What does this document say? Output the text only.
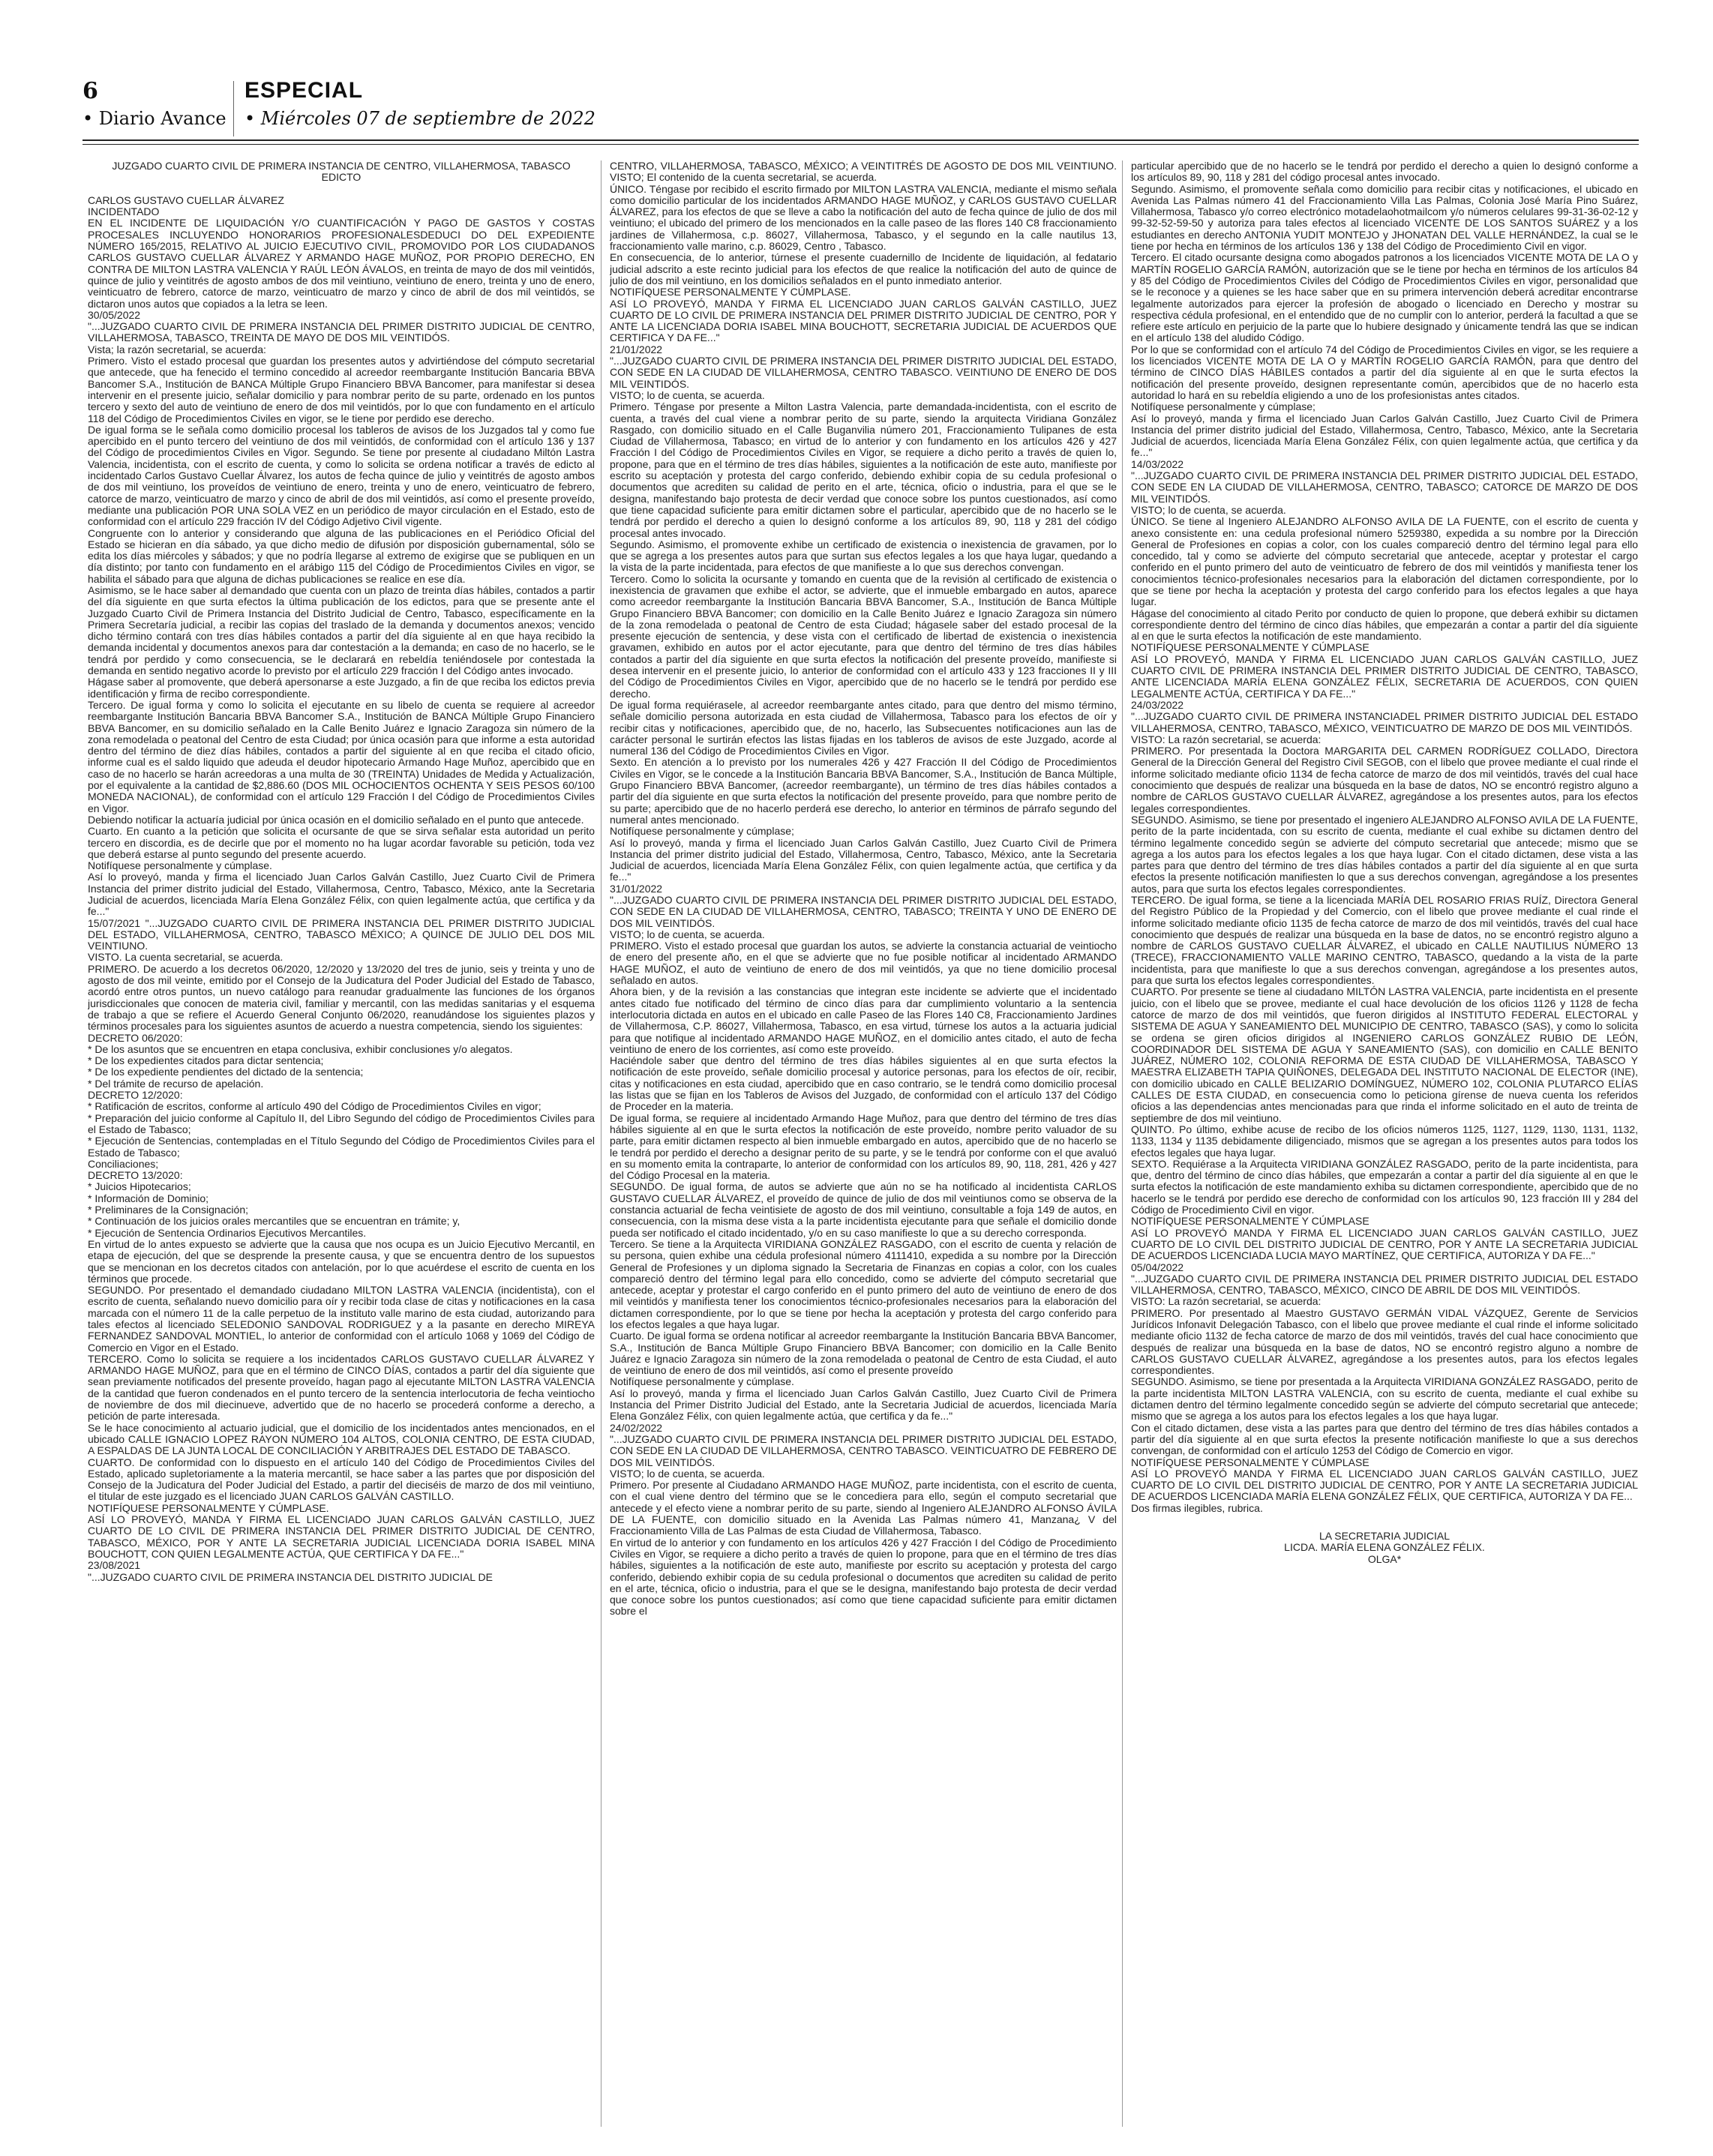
6
• Diario Avance
ESPECIAL
• Miércoles 07 de septiembre de 2022

JUZGADO CUARTO CIVIL DE PRIMERA INSTANCIA DE CENTRO, VILLAHERMOSA, TABASCO

EDICTO

CARLOS GUSTAVO CUELLAR ÁLVAREZ

INCIDENTADO

EN EL INCIDENTE DE LIQUIDACIÓN Y/O CUANTIFICACIÓN Y PAGO DE GASTOS Y COSTAS PROCESALES INCLUYENDO HONORARIOS PROFESIONALESDEDUCI DO DEL EXPEDIENTE NÚMERO 165/2015, RELATIVO AL JUICIO EJECUTIVO CIVIL, PROMOVIDO POR LOS CIUDADANOS CARLOS GUSTAVO CUELLAR ÁLVAREZ Y ARMANDO HAGE MUÑOZ, POR PROPIO DERECHO, EN CONTRA DE MILTON LASTRA VALENCIA Y RAÚL LEÓN ÁVALOS, en treinta de mayo de dos mil veintidós, quince de julio y veintitrés de agosto ambos de dos mil veintiuno, veintiuno de enero, treinta y uno de enero, veinticuatro de febrero, catorce de marzo, veinticuatro de marzo y cinco de abril de dos mil veintidós, se dictaron unos autos que copiados a la letra se leen.

30/05/2022

"...JUZGADO CUARTO CIVIL DE PRIMERA INSTANCIA DEL PRIMER DISTRITO JUDICIAL DE CENTRO, VILLAHERMOSA, TABASCO, TREINTA DE MAYO DE DOS MIL VEINTIDÓS.

Vista; la razón secretarial, se acuerda:

Primero. Visto el estado procesal que guardan los presentes autos y advirtiéndose del cómputo secretarial que antecede, que ha fenecido el termino concedido al acreedor reembargante Institución Bancaria BBVA Bancomer S.A., Institución de BANCA Múltiple Grupo Financiero BBVA Bancomer, para manifestar si desea intervenir en el presente juicio, señalar domicilio y para nombrar perito de su parte, ordenado en los puntos tercero y sexto del auto de veintiuno de enero de dos mil veintidós, por lo que con fundamento en el artículo 118 del Código de Procedimientos Civiles en vigor, se le tiene por perdido ese derecho.

De igual forma se le señala como domicilio procesal los tableros de avisos de los Juzgados tal y como fue apercibido en el punto tercero del veintiuno de dos mil veintidós, de conformidad con el artículo 136 y 137 del Código de procedimientos Civiles en Vigor. Segundo. Se tiene por presente al ciudadano Miltón Lastra Valencia, incidentista, con el escrito de cuenta, y como lo solicita se ordena notificar a través de edicto al incidentado Carlos Gustavo Cuellar Álvarez, los autos de fecha quince de julio y veintitrés de agosto ambos de dos mil veintiuno, los proveídos de veintiuno de enero, treinta y uno de enero, veinticuatro de febrero, catorce de marzo, veinticuatro de marzo y cinco de abril de dos mil veintidós, así como el presente proveído, mediante una publicación POR UNA SOLA VEZ en un periódico de mayor circulación en el Estado, esto de conformidad con el artículo 229 fracción IV del Código Adjetivo Civil vigente.

Congruente con lo anterior y considerando que alguna de las publicaciones en el Periódico Oficial del Estado se hicieran en día sábado, ya que dicho medio de difusión por disposición gubernamental, sólo se edita los días miércoles y sábados; y que no podría llegarse al extremo de exigirse que se publiquen en un día distinto; por tanto con fundamento en el arábigo 115 del Código de Procedimientos Civiles en vigor, se habilita el sábado para que alguna de dichas publicaciones se realice en ese día.

Asimismo, se le hace saber al demandado que cuenta con un plazo de treinta días hábiles, contados a partir del día siguiente en que surta efectos la última publicación de los edictos, para que se presente ante el Juzgado Cuarto Civil de Primera Instancia del Distrito Judicial de Centro, Tabasco, específicamente en la Primera Secretaría judicial, a recibir las copias del traslado de la demanda y documentos anexos; vencido dicho término contará con tres días hábiles contados a partir del día siguiente al en que haya recibido la demanda incidental y documentos anexos para dar contestación a la demanda; en caso de no hacerlo, se le tendrá por perdido y como consecuencia, se le declarará en rebeldía teniéndosele por contestada la demanda en sentido negativo acorde lo previsto por el artículo 229 fracción I del Código antes invocado.

Hágase saber al promovente, que deberá apersonarse a este Juzgado, a fin de que reciba los edictos previa identificación y firma de recibo correspondiente.

Tercero. De igual forma y como lo solicita el ejecutante en su libelo de cuenta se requiere al acreedor reembargante Institución Bancaria BBVA Bancomer S.A., Institución de BANCA Múltiple Grupo Financiero BBVA Bancomer, en su domicilio señalado en la Calle Benito Juárez e Ignacio Zaragoza sin número de la zona remodelada o peatonal del Centro de esta Ciudad; por única ocasión para que informe a esta autoridad dentro del término de diez días hábiles, contados a partir del siguiente al en que reciba el citado oficio, informe cual es el saldo liquido que adeuda el deudor hipotecario Armando Hage Muñoz, apercibido que en caso de no hacerlo se harán acreedoras a una multa de 30 (TREINTA) Unidades de Medida y Actualización, por el equivalente a la cantidad de $2,886.60 (DOS MIL OCHOCIENTOS OCHENTA Y SEIS PESOS 60/100 MONEDA NACIONAL), de conformidad con el artículo 129 Fracción I del Código de Procedimientos Civiles en Vigor.

Debiendo notificar la actuaría judicial por única ocasión en el domicilio señalado en el punto que antecede.

Cuarto. En cuanto a la petición que solicita el ocursante de que se sirva señalar esta autoridad un perito tercero en discordia, es de decirle que por el momento no ha lugar acordar favorable su petición, toda vez que deberá estarse al punto segundo del presente acuerdo.

Notifíquese personalmente y cúmplase.

Así lo proveyó, manda y firma el licenciado Juan Carlos Galván Castillo, Juez Cuarto Civil de Primera Instancia del primer distrito judicial del Estado, Villahermosa, Centro, Tabasco, México, ante la Secretaria Judicial de acuerdos, licenciada María Elena González Félix, con quien legalmente actúa, que certifica y da fe..."

15/07/2021 "...JUZGADO CUARTO CIVIL DE PRIMERA INSTANCIA DEL PRIMER DISTRITO JUDICIAL DEL ESTADO, VILLAHERMOSA, CENTRO, TABASCO MÉXICO; A QUINCE DE JULIO DEL DOS MIL VEINTIUNO.

VISTO. La cuenta secretarial, se acuerda.

PRIMERO. De acuerdo a los decretos 06/2020, 12/2020 y 13/2020 del tres de junio, seis y treinta y uno de agosto de dos mil veinte, emitido por el Consejo de la Judicatura del Poder Judicial del Estado de Tabasco, acordó entre otros puntos, un nuevo catálogo para reanudar gradualmente las funciones de los órganos jurisdiccionales que conocen de materia civil, familiar y mercantil, con las medidas sanitarias y el esquema de trabajo a que se refiere el Acuerdo General Conjunto 06/2020, reanudándose los siguientes plazos y términos procesales para los siguientes asuntos de acuerdo a nuestra competencia, siendo los siguientes:

DECRETO 06/2020:

* De los asuntos que se encuentren en etapa conclusiva, exhibir conclusiones y/o alegatos.

* De los expedientes citados para dictar sentencia;

* De los expediente pendientes del dictado de la sentencia;

* Del trámite de recurso de apelación.

DECRETO 12/2020:

* Ratificación de escritos, conforme al artículo 490 del Código de Procedimientos Civiles en vigor;

* Preparación del juicio conforme al Capítulo II, del Libro Segundo del código de Procedimientos Civiles para el Estado de Tabasco;

* Ejecución de Sentencias, contempladas en el Título Segundo del Código de Procedimientos Civiles para el Estado de Tabasco;

Conciliaciones;

DECRETO 13/2020:

* Juicios Hipotecarios;

* Información de Dominio;

* Preliminares de la Consignación;

* Continuación de los juicios orales mercantiles que se encuentran en trámite; y,

* Ejecución de Sentencia Ordinarios Ejecutivos Mercantiles.

En virtud de lo antes expuesto se advierte que la causa que nos ocupa es un Juicio Ejecutivo Mercantil, en etapa de ejecución, del que se desprende la presente causa, y que se encuentra dentro de los supuestos que se mencionan en los decretos citados con antelación, por lo que acuérdese el escrito de cuenta en los términos que procede.

SEGUNDO. Por presentado el demandado ciudadano MILTON LASTRA VALENCIA (incidentista), con el escrito de cuenta, señalando nuevo domicilio para oír y recibir toda clase de citas y notificaciones en la casa marcada con el número 11 de la calle perpetuo de la instituto valle marino de esta ciudad, autorizando para tales efectos al licenciado SELEDONIO SANDOVAL RODRIGUEZ y a la pasante en derecho MIREYA FERNANDEZ SANDOVAL MONTIEL, lo anterior de conformidad con el artículo 1068 y 1069 del Código de Comercio en Vigor en el Estado.

TERCERO. Como lo solicita se requiere a los incidentados CARLOS GUSTAVO CUELLAR ÁLVAREZ Y ARMANDO HAGE MUÑOZ, para que en el término de CINCO DÍAS, contados a partir del día siguiente que sean previamente notificados del presente proveído, hagan pago al ejecutante MILTON LASTRA VALENCIA de la cantidad que fueron condenados en el punto tercero de la sentencia interlocutoria de fecha veintiocho de noviembre de dos mil diecinueve, advertido que de no hacerlo se procederá conforme a derecho, a petición de parte interesada.

Se le hace conocimiento al actuario judicial, que el domicilio de los incidentados antes mencionados, en el ubicado CALLE IGNACIO LOPEZ RAYON NÚMERO 104 ALTOS, COLONIA CENTRO, DE ESTA CIUDAD, A ESPALDAS DE LA JUNTA LOCAL DE CONCILIACIÓN Y ARBITRAJES DEL ESTADO DE TABASCO.

CUARTO. De conformidad con lo dispuesto en el artículo 140 del Código de Procedimientos Civiles del Estado, aplicado supletoriamente a la materia mercantil, se hace saber a las partes que por disposición del Consejo de la Judicatura del Poder Judicial del Estado, a partir del dieciséis de marzo de dos mil veintiuno, el titular de este juzgado es el licenciado JUAN CARLOS GALVÁN CASTILLO.

NOTIFÍQUESE PERSONALMENTE Y CÚMPLASE.

ASÍ LO PROVEYÓ, MANDA Y FIRMA EL LICENCIADO JUAN CARLOS GALVÁN CASTILLO, JUEZ CUARTO DE LO CIVIL DE PRIMERA INSTANCIA DEL PRIMER DISTRITO JUDICIAL DE CENTRO, TABASCO, MÉXICO, POR Y ANTE LA SECRETARIA JUDICIAL LICENCIADA DORIA ISABEL MINA BOUCHOTT, CON QUIEN LEGALMENTE ACTÚA, QUE CERTIFICA Y DA FE..."

23/08/2021

"...JUZGADO CUARTO CIVIL DE PRIMERA INSTANCIA DEL DISTRITO JUDICIAL DE

CENTRO, VILLAHERMOSA, TABASCO, MÉXICO; A VEINTITRÉS DE AGOSTO DE DOS MIL VEINTIUNO. VISTO; El contenido de la cuenta secretarial, se acuerda.

ÚNICO. Téngase por recibido el escrito firmado por MILTON LASTRA VALENCIA, mediante el mismo señala como domicilio particular de los incidentados ARMANDO HAGE MUÑOZ, y CARLOS GUSTAVO CUELLAR ÁLVAREZ, para los efectos de que se lleve a cabo la notificación del auto de fecha quince de julio de dos mil veintiuno; el ubicado del primero de los mencionados en la calle paseo de las flores 140 C8 fraccionamiento jardines de Villahermosa, c.p. 86027, Villahermosa, Tabasco, y el segundo en la calle nautilus 13, fraccionamiento valle marino, c.p. 86029, Centro , Tabasco.

En consecuencia, de lo anterior, túrnese el presente cuadernillo de Incidente de liquidación, al fedatario judicial adscrito a este recinto judicial para los efectos de que realice la notificación del auto de quince de julio de dos mil veintiuno, en los domicilios señalados en el punto inmediato anterior.

NOTIFÍQUESE PERSONALMENTE Y CÚMPLASE.

ASÍ LO PROVEYÓ, MANDA Y FIRMA EL LICENCIADO JUAN CARLOS GALVÁN CASTILLO, JUEZ CUARTO DE LO CIVIL DE PRIMERA INSTANCIA DEL PRIMER DISTRITO JUDICIAL DE CENTRO, POR Y ANTE LA LICENCIADA DORIA ISABEL MINA BOUCHOTT, SECRETARIA JUDICIAL DE ACUERDOS QUE CERTIFICA Y DA FE..."

21/01/2022

"...JUZGADO CUARTO CIVIL DE PRIMERA INSTANCIA DEL PRIMER DISTRITO JUDICIAL DEL ESTADO, CON SEDE EN LA CIUDAD DE VILLAHERMOSA, CENTRO TABASCO. VEINTIUNO DE ENERO DE DOS MIL VEINTIDÓS.

VISTO; lo de cuenta, se acuerda.

Primero. Téngase por presente a Milton Lastra Valencia, parte demandada-incidentista, con el escrito de cuenta, a través del cual viene a nombrar perito de su parte, siendo la arquitecta Viridiana González Rasgado, con domicilio situado en el Calle Buganvilia número 201, Fraccionamiento Tulipanes de esta Ciudad de Villahermosa, Tabasco; en virtud de lo anterior y con fundamento en los artículos 426 y 427 Fracción I del Código de Procedimientos Civiles en Vigor, se requiere a dicho perito a través de quien lo, propone, para que en el término de tres días hábiles, siguientes a la notificación de este auto, manifieste por escrito su aceptación y protesta del cargo conferido, debiendo exhibir copia de su cedula profesional o documentos que acrediten su calidad de perito en el arte, técnica, oficio o industria, para el que se le designa, manifestando bajo protesta de decir verdad que conoce sobre los puntos cuestionados, así como que tiene capacidad suficiente para emitir dictamen sobre el particular, apercibido que de no hacerlo se le tendrá por perdido el derecho a quien lo designó conforme a los artículos 89, 90, 118 y 281 del código procesal antes invocado.

Segundo. Asimismo, el promovente exhibe un certificado de existencia o inexistencia de gravamen, por lo que se agrega a los presentes autos para que surtan sus efectos legales a los que haya lugar, quedando a la vista de la parte incidentada, para efectos de que manifieste a lo que sus derechos convengan.

Tercero. Como lo solicita la ocursante y tomando en cuenta que de la revisión al certificado de existencia o inexistencia de gravamen que exhibe el actor, se advierte, que el inmueble embargado en autos, aparece como acreedor reembargante la Institución Bancaria BBVA Bancomer, S.A., Institución de Banca Múltiple Grupo Financiero BBVA Bancomer; con domicilio en la Calle Benito Juárez e Ignacio Zaragoza sin número de la zona remodelada o peatonal de Centro de esta Ciudad; hágasele saber del estado procesal de la presente ejecución de sentencia, y dese vista con el certificado de libertad de existencia o inexistencia gravamen, exhibido en autos por el actor ejecutante, para que dentro del término de tres días hábiles contados a partir del día siguiente en que surta efectos la notificación del presente proveído, manifieste si desea intervenir en el presente juicio, lo anterior de conformidad con el artículo 433 y 123 fracciones II y III del Código de Procedimientos Civiles en Vigor, apercibido que de no hacerlo se le tendrá por perdido ese derecho.

De igual forma requiérasele, al acreedor reembargante antes citado, para que dentro del mismo término, señale domicilio persona autorizada en esta ciudad de Villahermosa, Tabasco para los efectos de oír y recibir citas y notificaciones, apercibido que, de no, hacerlo, las Subsecuentes notificaciones aun las de carácter personal le surtirán efectos las listas fijadas en los tableros de avisos de este Juzgado, acorde al numeral 136 del Código de Procedimientos Civiles en Vigor.

Sexto. En atención a lo previsto por los numerales 426 y 427 Fracción II del Código de Procedimientos Civiles en Vigor, se le concede a la Institución Bancaria BBVA Bancomer, S.A., Institución de Banca Múltiple, Grupo Financiero BBVA Bancomer, (acreedor reembargante), un término de tres días hábiles contados a partir del día siguiente en que surta efectos la notificación del presente proveído, para que nombre perito de su parte; apercibido que de no hacerlo perderá ese derecho, lo anterior en términos de párrafo segundo del numeral antes mencionado.

Notifíquese personalmente y cúmplase;

Así lo proveyó, manda y firma el licenciado Juan Carlos Galván Castillo, Juez Cuarto Civil de Primera Instancia del primer distrito judicial del Estado, Villahermosa, Centro, Tabasco, México, ante la Secretaria Judicial de acuerdos, licenciada María Elena González Félix, con quien legalmente actúa, que certifica y da fe..."

31/01/2022

"...JUZGADO CUARTO CIVIL DE PRIMERA INSTANCIA DEL PRIMER DISTRITO JUDICIAL DEL ESTADO, CON SEDE EN LA CIUDAD DE VILLAHERMOSA, CENTRO, TABASCO; TREINTA Y UNO DE ENERO DE DOS MIL VEINTIDÓS.

VISTO; lo de cuenta, se acuerda.

PRIMERO. Visto el estado procesal que guardan los autos, se advierte la constancia actuarial de veintiocho de enero del presente año, en el que se advierte que no fue posible notificar al incidentado ARMANDO HAGE MUÑOZ, el auto de veintiuno de enero de dos mil veintidós, ya que no tiene domicilio procesal señalado en autos.

Ahora bien, y de la revisión a las constancias que integran este incidente se advierte que el incidentado antes citado fue notificado del término de cinco días para dar cumplimiento voluntario a la sentencia interlocutoria dictada en autos en el ubicado en calle Paseo de las Flores 140 C8, Fraccionamiento Jardines de Villahermosa, C.P. 86027, Villahermosa, Tabasco, en esa virtud, túrnese los autos a la actuaria judicial para que notifique al incidentado ARMANDO HAGE MUÑOZ, en el domicilio antes citado, el auto de fecha veintiuno de enero de los corrientes, así como este proveído.

Haciéndole saber que dentro del término de tres días hábiles siguientes al en que surta efectos la notificación de este proveído, señale domicilio procesal y autorice personas, para los efectos de oír, recibir, citas y notificaciones en esta ciudad, apercibido que en caso contrario, se le tendrá como domicilio procesal las listas que se fijan en los Tableros de Avisos del Juzgado, de conformidad con el artículo 137 del Código de Proceder en la materia.

De igual forma, se requiere al incidentado Armando Hage Muñoz, para que dentro del término de tres días hábiles siguiente al en que le surta efectos la notificación de este proveído, nombre perito valuador de su parte, para emitir dictamen respecto al bien inmueble embargado en autos, apercibido que de no hacerlo se le tendrá por perdido el derecho a designar perito de su parte, y se le tendrá por conforme con el que avaluó en su momento emita la contraparte, lo anterior de conformidad con los artículos 89, 90, 118, 281, 426 y 427 del Código Procesal en la materia.

SEGUNDO. De igual forma, de autos se advierte que aún no se ha notificado al incidentista CARLOS GUSTAVO CUELLAR ÁLVAREZ, el proveído de quince de julio de dos mil veintiunos como se observa de la constancia actuarial de fecha veintisiete de agosto de dos mil veintiuno, consultable a foja 149 de autos, en consecuencia, con la misma dese vista a la parte incidentista ejecutante para que señale el domicilio donde pueda ser notificado el citado incidentado, y/o en su caso manifieste lo que a su derecho corresponda.

Tercero. Se tiene a la Arquitecta VIRIDIANA GONZÁLEZ RASGADO, con el escrito de cuenta y relación de su persona, quien exhibe una cédula profesional número 4111410, expedida a su nombre por la Dirección General de Profesiones y un diploma signado la Secretaria de Finanzas en copias a color, con los cuales compareció dentro del término legal para ello concedido, como se advierte del cómputo secretarial que antecede, aceptar y protestar el cargo conferido en el punto primero del auto de veintiuno de enero de dos mil veintidós y manifiesta tener los conocimientos técnico-profesionales necesarios para la elaboración del dictamen correspondiente, por lo que se tiene por hecha la aceptación y protesta del cargo conferido para los efectos legales a que haya lugar.

Cuarto. De igual forma se ordena notificar al acreedor reembargante la Institución Bancaria BBVA Bancomer, S.A., Institución de Banca Múltiple Grupo Financiero BBVA Bancomer; con domicilio en la Calle Benito Juárez e Ignacio Zaragoza sin número de la zona remodelada o peatonal de Centro de esta Ciudad, el auto de veintiuno de enero de dos mil veintidós, así como el presente proveído

Notifíquese personalmente y cúmplase.

Así lo proveyó, manda y firma el licenciado Juan Carlos Galván Castillo, Juez Cuarto Civil de Primera Instancia del Primer Distrito Judicial del Estado, ante la Secretaria Judicial de acuerdos, licenciada María Elena González Félix, con quien legalmente actúa, que certifica y da fe..."

24/02/2022

"...JUZGADO CUARTO CIVIL DE PRIMERA INSTANCIA DEL PRIMER DISTRITO JUDICIAL DEL ESTADO, CON SEDE EN LA CIUDAD DE VILLAHERMOSA, CENTRO TABASCO. VEINTICUATRO DE FEBRERO DE DOS MIL VEINTIDÓS.

VISTO; lo de cuenta, se acuerda.

Primero. Por presente al Ciudadano ARMANDO HAGE MUÑOZ, parte incidentista, con el escrito de cuenta, con el cual viene dentro del término que se le concediera para ello, según el computo secretarial que antecede y el efecto viene a nombrar perito de su parte, siendo al Ingeniero ALEJANDRO ALFONSO ÁVILA DE LA FUENTE, con domicilio situado en la Avenida Las Palmas número 41, Manzana¿ V del Fraccionamiento Villa de Las Palmas de esta Ciudad de Villahermosa, Tabasco.

En virtud de lo anterior y con fundamento en los artículos 426 y 427 Fracción I del Código de Procedimiento Civiles en Vigor, se requiere a dicho perito a través de quien lo propone, para que en el término de tres días hábiles, siguientes a la notificación de este auto, manifieste por escrito su aceptación y protesta del cargo conferido, debiendo exhibir copia de su cedula profesional o documentos que acrediten su calidad de perito en el arte, técnica, oficio o industria, para el que se le designa, manifestando bajo protesta de decir verdad que conoce sobre los puntos cuestionados; así como que tiene capacidad suficiente para emitir dictamen sobre el

particular apercibido que de no hacerlo se le tendrá por perdido el derecho a quien lo designó conforme a los artículos 89, 90, 118 y 281 del código procesal antes invocado.

Segundo. Asimismo, el promovente señala como domicilio para recibir citas y notificaciones, el ubicado en Avenida Las Palmas número 41 del Fraccionamiento Villa Las Palmas, Colonia José María Pino Suárez, Villahermosa, Tabasco y/o correo electrónico motadelaohotmailcom y/o números celulares 99-31-36-02-12 y 99-32-52-59-50 y autoriza para tales efectos al licenciado VICENTE DE LOS SANTOS SUÁREZ y a los estudiantes en derecho ANTONIA YUDIT MONTEJO y JHONATAN DEL VALLE HERNÁNDEZ, la cual se le tiene por hecha en términos de los artículos 136 y 138 del Código de Procedimiento Civil en vigor.

Tercero. El citado ocursante designa como abogados patronos a los licenciados VICENTE MOTA DE LA O y MARTÍN ROGELIO GARCÍA RAMÓN, autorización que se le tiene por hecha en términos de los artículos 84 y 85 del Código de Procedimientos Civiles del Código de Procedimientos Civiles en vigor, personalidad que se le reconoce y a quienes se les hace saber que en su primera intervención deberá acreditar encontrarse legalmente autorizados para ejercer la profesión de abogado o licenciado en Derecho y mostrar su respectiva cédula profesional, en el entendido que de no cumplir con lo anterior, perderá la facultad a que se refiere este artículo en perjuicio de la parte que lo hubiere designado y únicamente tendrá las que se indican en el artículo 138 del aludido Código.

Por lo que se conformidad con el artículo 74 del Código de Procedimientos Civiles en vigor, se les requiere a los licenciados VICENTE MOTA DE LA O y MARTÍN ROGELIO GARCÍA RAMÓN, para que dentro del término de CINCO DÍAS HÁBILES contados a partir del día siguiente al en que le surta efectos la notificación del presente proveído, designen representante común, apercibidos que de no hacerlo esta autoridad lo hará en su rebeldía eligiendo a uno de los profesionistas antes citados.

Notifíquese personalmente y cúmplase;

Así lo proveyó, manda y firma el licenciado Juan Carlos Galván Castillo, Juez Cuarto Civil de Primera Instancia del primer distrito judicial del Estado, Villahermosa, Centro, Tabasco, México, ante la Secretaria Judicial de acuerdos, licenciada María Elena González Félix, con quien legalmente actúa, que certifica y da fe..."

14/03/2022

"...JUZGADO CUARTO CIVIL DE PRIMERA INSTANCIA DEL PRIMER DISTRITO JUDICIAL DEL ESTADO, CON SEDE EN LA CIUDAD DE VILLAHERMOSA, CENTRO, TABASCO; CATORCE DE MARZO DE DOS MIL VEINTIDÓS.

VISTO; lo de cuenta, se acuerda.

ÚNICO. Se tiene al Ingeniero ALEJANDRO ALFONSO AVILA DE LA FUENTE, con el escrito de cuenta y anexo consistente en: una cedula profesional número 5259380, expedida a su nombre por la Dirección General de Profesiones en copias a color, con los cuales compareció dentro del término legal para ello concedido, tal y como se advierte del cómputo secretarial que antecede, aceptar y protestar el cargo conferido en el punto primero del auto de veinticuatro de febrero de dos mil veintidós y manifiesta tener los conocimientos técnico-profesionales necesarios para la elaboración del dictamen correspondiente, por lo que se tiene por hecha la aceptación y protesta del cargo conferido para los efectos legales a que haya lugar.

Hágase del conocimiento al citado Perito por conducto de quien lo propone, que deberá exhibir su dictamen correspondiente dentro del término de cinco días hábiles, que empezarán a contar a partir del día siguiente al en que le surta efectos la notificación de este mandamiento.

NOTIFÍQUESE PERSONALMENTE Y CÚMPLASE

ASÍ LO PROVEYÓ, MANDA Y FIRMA EL LICENCIADO JUAN CARLOS GALVÁN CASTILLO, JUEZ CUARTO CIVIL DE PRIMERA INSTANCIA DEL PRIMER DISTRITO JUDICIAL DE CENTRO, TABASCO, ANTE LICENCIADA MARÍA ELENA GONZÁLEZ FÉLIX, SECRETARIA DE ACUERDOS, CON QUIEN LEGALMENTE ACTÚA, CERTIFICA Y DA FE..."

24/03/2022

"...JUZGADO CUARTO CIVIL DE PRIMERA INSTANCIADEL PRIMER DISTRITO JUDICIAL DEL ESTADO VILLAHERMOSA, CENTRO, TABASCO, MÉXICO, VEINTICUATRO DE MARZO DE DOS MIL VEINTIDÓS.

VISTO: La razón secretarial, se acuerda:

PRIMERO. Por presentada la Doctora MARGARITA DEL CARMEN RODRÍGUEZ COLLADO, Directora General de la Dirección General del Registro Civil SEGOB, con el libelo que provee mediante el cual rinde el informe solicitado mediante oficio 1134 de fecha catorce de marzo de dos mil veintidós, través del cual hace conocimiento que después de realizar una búsqueda en la base de datos, NO se encontró registro alguno a nombre de CARLOS GUSTAVO CUELLAR ÁLVAREZ, agregándose a los presentes autos, para los efectos legales correspondientes.

SEGUNDO. Asimismo, se tiene por presentado el ingeniero ALEJANDRO ALFONSO AVILA DE LA FUENTE, perito de la parte incidentada, con su escrito de cuenta, mediante el cual exhibe su dictamen dentro del término legalmente concedido según se advierte del cómputo secretarial que antecede; mismo que se agrega a los autos para los efectos legales a los que haya lugar. Con el citado dictamen, dese vista a las partes para que dentro del término de tres días hábiles contados a partir del día siguiente al en que surta efectos la presente notificación manifiesten lo que a sus derechos convengan, agregándose a los presentes autos, para que surta los efectos legales correspondientes.

TERCERO. De igual forma, se tiene a la licenciada MARÍA DEL ROSARIO FRIAS RUÍZ, Directora General del Registro Público de la Propiedad y del Comercio, con el libelo que provee mediante el cual rinde el informe solicitado mediante oficio 1135 de fecha catorce de marzo de dos mil veintidós, través del cual hace conocimiento que después de realizar una búsqueda en la base de datos, no se encontró registro alguno a nombre de CARLOS GUSTAVO CUELLAR ÁLVAREZ, el ubicado en CALLE NAUTILIUS NÚMERO 13 (TRECE), FRACCIONAMIENTO VALLE MARINO CENTRO, TABASCO, quedando a la vista de la parte incidentista, para que manifieste lo que a sus derechos convengan, agregándose a los presentes autos, para que surta los efectos legales correspondientes.

CUARTO. Por presente se tiene al ciudadano MILTÓN LASTRA VALENCIA, parte incidentista en el presente juicio, con el libelo que se provee, mediante el cual hace devolución de los oficios 1126 y 1128 de fecha catorce de marzo de dos mil veintidós, que fueron dirigidos al INSTITUTO FEDERAL ELECTORAL y SISTEMA DE AGUA Y SANEAMIENTO DEL MUNICIPIO DE CENTRO, TABASCO (SAS), y como lo solicita se ordena se giren oficios dirigidos al INGENIERO CARLOS GONZÁLEZ RUBIO DE LEÓN, COORDINADOR DEL SISTEMA DE AGUA Y SANEAMIENTO (SAS), con domicilio en CALLE BENITO JUÁREZ, NÚMERO 102, COLONIA REFORMA DE ESTA CIUDAD DE VILLAHERMOSA, TABASCO Y MAESTRA ELIZABETH TAPIA QUIÑONES, DELEGADA DEL INSTITUTO NACIONAL DE ELECTOR (INE), con domicilio ubicado en CALLE BELIZARIO DOMÍNGUEZ, NÚMERO 102, COLONIA PLUTARCO ELÍAS CALLES DE ESTA CIUDAD, en consecuencia como lo peticiona gírense de nueva cuenta los referidos oficios a las dependencias antes mencionadas para que rinda el informe solicitado en el auto de treinta de septiembre de dos mil veintiuno.

QUINTO. Po último, exhibe acuse de recibo de los oficios números 1125, 1127, 1129, 1130, 1131, 1132, 1133, 1134 y 1135 debidamente diligenciado, mismos que se agregan a los presentes autos para todos los efectos legales que haya lugar.

SEXTO. Requiérase a la Arquitecta VIRIDIANA GONZÁLEZ RASGADO, perito de la parte incidentista, para que, dentro del término de cinco días hábiles, que empezarán a contar a partir del día siguiente al en que le surta efectos la notificación de este mandamiento exhiba su dictamen correspondiente, apercibido que de no hacerlo se le tendrá por perdido ese derecho de conformidad con los artículos 90, 123 fracción III y 284 del Código de Procedimiento Civil en vigor.

NOTIFÍQUESE PERSONALMENTE Y CÚMPLASE

ASÍ LO PROVEYÓ MANDA Y FIRMA EL LICENCIADO JUAN CARLOS GALVÁN CASTILLO, JUEZ CUARTO DE LO CIVIL DEL DISTRITO JUDICIAL DE CENTRO, POR Y ANTE LA SECRETARIA JUDICIAL DE ACUERDOS LICENCIADA LUCIA MAYO MARTÍNEZ, QUE CERTIFICA, AUTORIZA Y DA FE..."

05/04/2022

"...JUZGADO CUARTO CIVIL DE PRIMERA INSTANCIA DEL PRIMER DISTRITO JUDICIAL DEL ESTADO VILLAHERMOSA, CENTRO, TABASCO, MÉXICO, CINCO DE ABRIL DE DOS MIL VEINTIDÓS.

VISTO: La razón secretarial, se acuerda:

PRIMERO. Por presentado al Maestro GUSTAVO GERMÁN VIDAL VÁZQUEZ, Gerente de Servicios Jurídicos Infonavit Delegación Tabasco, con el libelo que provee mediante el cual rinde el informe solicitado mediante oficio 1132 de fecha catorce de marzo de dos mil veintidós, través del cual hace conocimiento que después de realizar una búsqueda en la base de datos, NO se encontró registro alguno a nombre de CARLOS GUSTAVO CUELLAR ÁLVAREZ, agregándose a los presentes autos, para los efectos legales correspondientes.

SEGUNDO. Asimismo, se tiene por presentada a la Arquitecta VIRIDIANA GONZÁLEZ RASGADO, perito de la parte incidentista MILTON LASTRA VALENCIA, con su escrito de cuenta, mediante el cual exhibe su dictamen dentro del término legalmente concedido según se advierte del cómputo secretarial que antecede; mismo que se agrega a los autos para los efectos legales a los que haya lugar.

Con el citado dictamen, dese vista a las partes para que dentro del término de tres días hábiles contados a partir del día siguiente al en que surta efectos la presente notificación manifieste lo que a sus derechos convengan, de conformidad con el artículo 1253 del Código de Comercio en vigor.

NOTIFÍQUESE PERSONALMENTE Y CÚMPLASE

ASÍ LO PROVEYÓ MANDA Y FIRMA EL LICENCIADO JUAN CARLOS GALVÁN CASTILLO, JUEZ CUARTO DE LO CIVIL DEL DISTRITO JUDICIAL DE CENTRO, POR Y ANTE LA SECRETARIA JUDICIAL DE ACUERDOS LICENCIADA MARÍA ELENA GONZÁLEZ FÉLIX, QUE CERTIFICA, AUTORIZA Y DA FE...

Dos firmas ilegibles, rubrica.

LA SECRETARIA JUDICIAL

LICDA. MARÍA ELENA GONZÁLEZ FÉLIX.

OLGA*
